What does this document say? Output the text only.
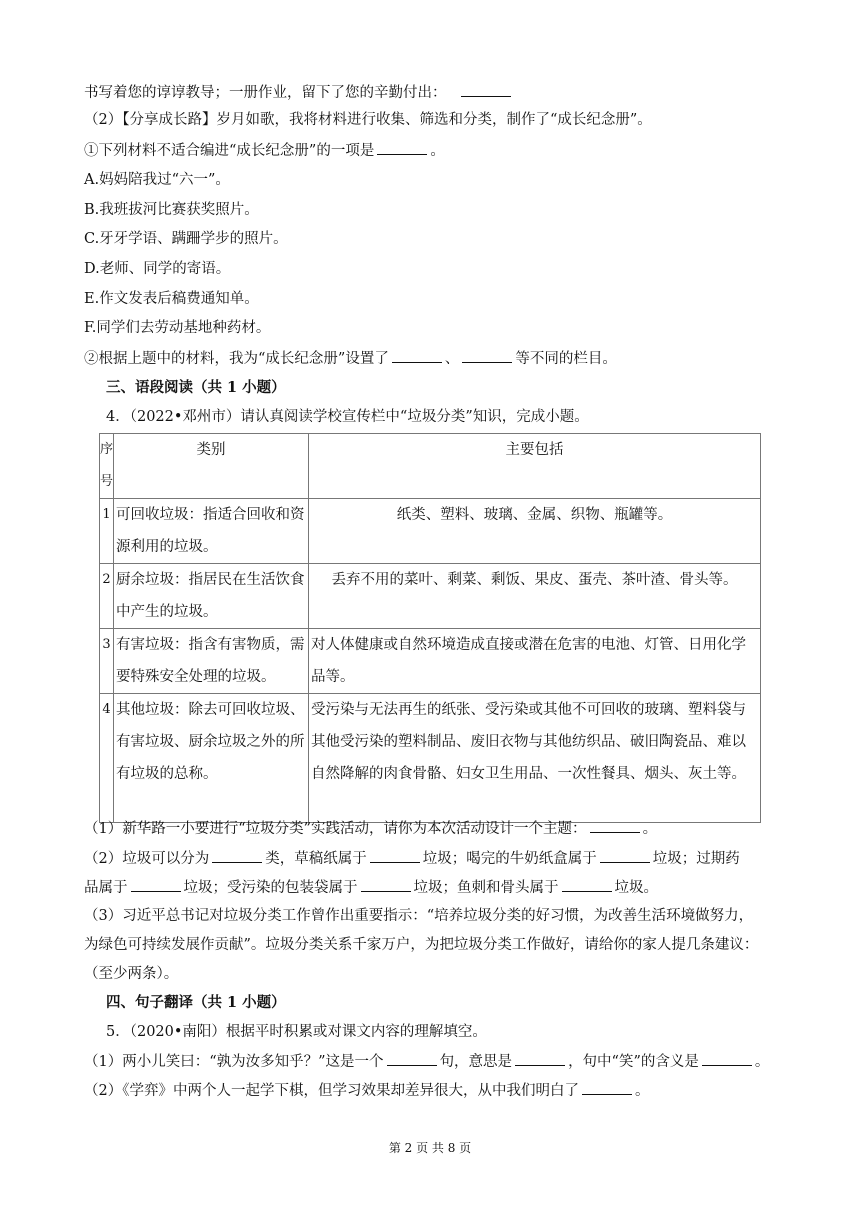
书写着您的谆谆教导；一册作业，留下了您的辛勤付出：
（2）【分享成长路】岁月如歌，我将材料进行收集、筛选和分类，制作了“成长纪念册”。
①下列材料不适合编进“成长纪念册”的一项是	。
A.妈妈陪我过“六一”。
B.我班拔河比赛获奖照片。
C.牙牙学语、蹒跚学步的照片。
D.老师、同学的寄语。
E.作文发表后稿费通知单。
F.同学们去劳动基地种药材。
②根据上题中的材料，我为“成长纪念册”设置了	、	等不同的栏目。
三、语段阅读（共 1 小题）
4．（2022•邓州市）请认真阅读学校宣传栏中“垃圾分类”知识，完成小题。
序号	类别	主要包括
1	可回收垃圾：指适合回收和资源利用的垃圾。	纸类、塑料、玻璃、金属、织物、瓶罐等。
2	厨余垃圾：指居民在生活饮食中产生的垃圾。	丢弃不用的菜叶、剩菜、剩饭、果皮、蛋壳、茶叶渣、骨头等。
3	有害垃圾：指含有害物质，需要特殊安全处理的垃圾。	对人体健康或自然环境造成直接或潜在危害的电池、灯管、日用化学品等。
4	其他垃圾：除去可回收垃圾、有害垃圾、厨余垃圾之外的所有垃圾的总称。	受污染与无法再生的纸张、受污染或其他不可回收的玻璃、塑料袋与其他受污染的塑料制品、废旧衣物与其他纺织品、破旧陶瓷品、难以自然降解的肉食骨骼、妇女卫生用品、一次性餐具、烟头、灰土等。
（1）新华路一小要进行“垃圾分类”实践活动，请你为本次活动设计一个主题：	。
（2）垃圾可以分为	类，草稿纸属于	垃圾；喝完的牛奶纸盒属于	垃圾；过期药
品属于	垃圾；受污染的包装袋属于	垃圾；鱼刺和骨头属于	垃圾。
（3）习近平总书记对垃圾分类工作曾作出重要指示：“培养垃圾分类的好习惯，为改善生活环境做努力，
为绿色可持续发展作贡献”。垃圾分类关系千家万户，为把垃圾分类工作做好，请给你的家人提几条建议：
（至少两条）。
四、句子翻译（共 1 小题）
5．（2020•南阳）根据平时积累或对课文内容的理解填空。
（1）两小儿笑曰：“孰为汝多知乎？”这是一个	句，意思是	，句中“笑”的含义是	。
（2）《学弈》中两个人一起学下棋，但学习效果却差异很大，从中我们明白了	。
第 2 页 共 8 页
